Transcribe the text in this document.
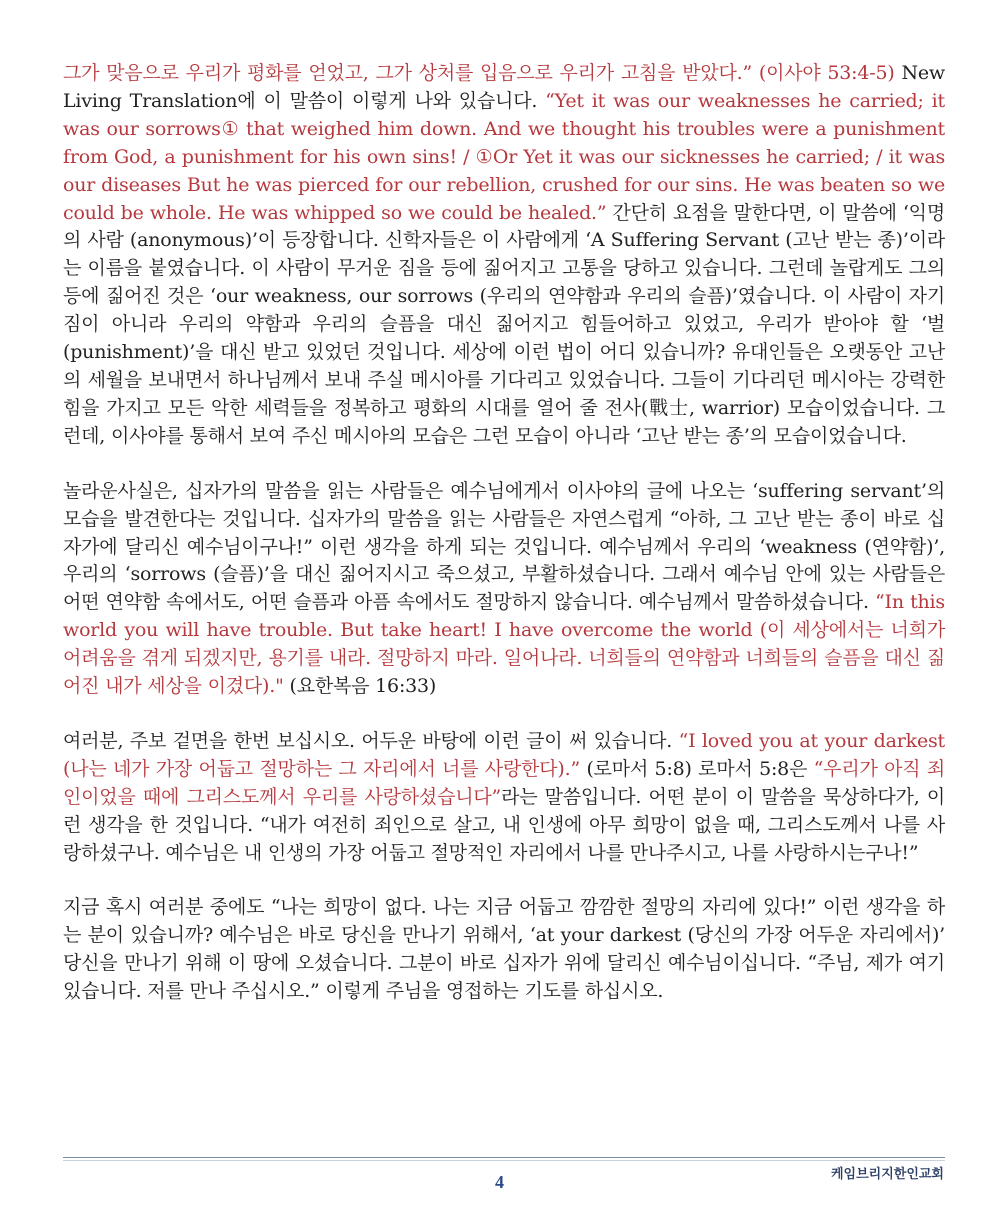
그가 맞음으로 우리가 평화를 얻었고, 그가 상처를 입음으로 우리가 고침을 받았다.” (이사야 53:4-5) New Living Translation에 이 말씀이 이렇게 나와 있습니다. “Yet it was our weaknesses he carried; it was our sorrows① that weighed him down. And we thought his troubles were a punishment from God, a punishment for his own sins! / ①Or Yet it was our sicknesses he carried; / it was our diseases But he was pierced for our rebellion, crushed for our sins. He was beaten so we could be whole. He was whipped so we could be healed.” 간단히 요점을 말한다면, 이 말씀에 ‘익명의 사람 (anonymous)’이 등장합니다. 신학자들은 이 사람에게 ‘A Suffering Servant (고난 받는 종)’이라는 이름을 붙였습니다. 이 사람이 무거운 짐을 등에 짊어지고 고통을 당하고 있습니다. 그런데 놀랍게도 그의 등에 짊어진 것은 ‘our weakness, our sorrows (우리의 연약함과 우리의 슬픔)’였습니다. 이 사람이 자기 짐이 아니라 우리의 약함과 우리의 슬픔을 대신 짊어지고 힘들어하고 있었고, 우리가 받아야 할 ‘벌 (punishment)’을 대신 받고 있었던 것입니다. 세상에 이런 법이 어디 있습니까? 유대인들은 오랫동안 고난의 세월을 보내면서 하나님께서 보내 주실 메시아를 기다리고 있었습니다. 그들이 기다리던 메시아는 강력한 힘을 가지고 모든 악한 세력들을 정복하고 평화의 시대를 열어 줄 전사(戰士, warrior) 모습이었습니다. 그런데, 이사야를 통해서 보여 주신 메시아의 모습은 그런 모습이 아니라 ‘고난 받는 종’의 모습이었습니다.

놀라운사실은, 십자가의 말씀을 읽는 사람들은 예수님에게서 이사야의 글에 나오는 ‘suffering servant’의 모습을 발견한다는 것입니다. 십자가의 말씀을 읽는 사람들은 자연스럽게 “아하, 그 고난 받는 종이 바로 십자가에 달리신 예수님이구나!” 이런 생각을 하게 되는 것입니다. 예수님께서 우리의 ‘weakness (연약함)’, 우리의 ‘sorrows (슬픔)’을 대신 짊어지시고 죽으셨고, 부활하셨습니다. 그래서 예수님 안에 있는 사람들은 어떤 연약함 속에서도, 어떤 슬픔과 아픔 속에서도 절망하지 않습니다. 예수님께서 말씀하셨습니다. “In this world you will have trouble. But take heart! I have overcome the world (이 세상에서는 너희가 어려움을 겪게 되겠지만, 용기를 내라. 절망하지 마라. 일어나라. 너희들의 연약함과 너희들의 슬픔을 대신 짊어진 내가 세상을 이겼다)." (요한복음 16:33)

여러분, 주보 겉면을 한번 보십시오. 어두운 바탕에 이런 글이 써 있습니다. “I loved you at your darkest (나는 네가 가장 어둡고 절망하는 그 자리에서 너를 사랑한다).” (로마서 5:8) 로마서 5:8은 “우리가 아직 죄인이었을 때에 그리스도께서 우리를 사랑하셨습니다”라는 말씀입니다. 어떤 분이 이 말씀을 묵상하다가, 이런 생각을 한 것입니다. “내가 여전히 죄인으로 살고, 내 인생에 아무 희망이 없을 때, 그리스도께서 나를 사랑하셨구나. 예수님은 내 인생의 가장 어둡고 절망적인 자리에서 나를 만나주시고, 나를 사랑하시는구나!”

지금 혹시 여러분 중에도 “나는 희망이 없다. 나는 지금 어둡고 깜깜한 절망의 자리에 있다!” 이런 생각을 하는 분이 있습니까? 예수님은 바로 당신을 만나기 위해서, ‘at your darkest (당신의 가장 어두운 자리에서)’ 당신을 만나기 위해 이 땅에 오셨습니다. 그분이 바로 십자가 위에 달리신 예수님이십니다. “주님, 제가 여기 있습니다. 저를 만나 주십시오.” 이렇게 주님을 영접하는 기도를 하십시오.

케임브리지한인교회
4
